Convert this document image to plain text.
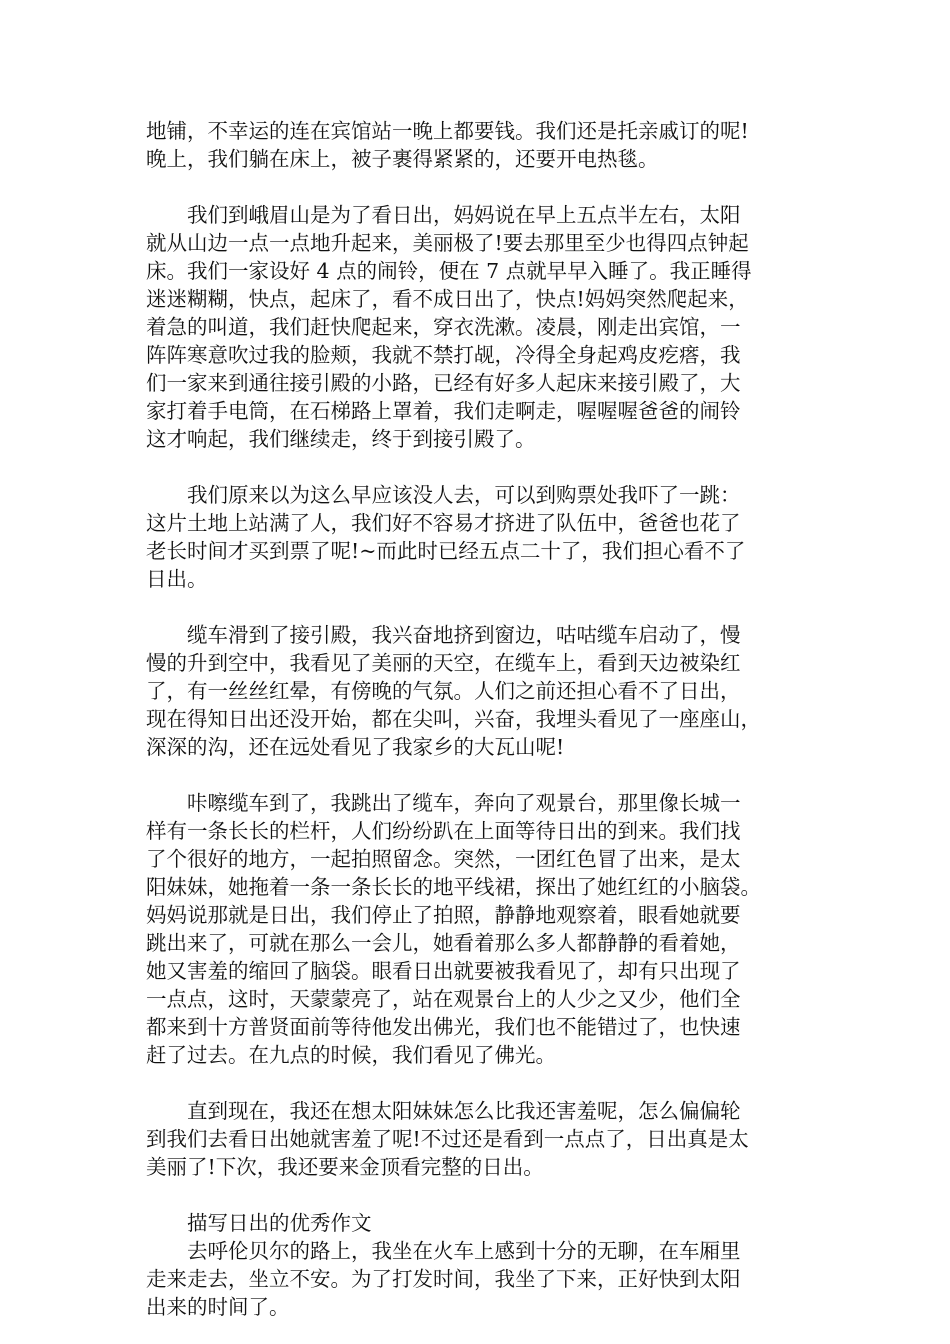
地铺，不幸运的连在宾馆站一晚上都要钱。我们还是托亲戚订的呢!
晚上，我们躺在床上，被子裹得紧紧的，还要开电热毯。

我们到峨眉山是为了看日出，妈妈说在早上五点半左右，太阳
就从山边一点一点地升起来，美丽极了!要去那里至少也得四点钟起
床。我们一家设好 4 点的闹铃，便在 7 点就早早入睡了。我正睡得
迷迷糊糊，快点，起床了，看不成日出了，快点!妈妈突然爬起来，
着急的叫道，我们赶快爬起来，穿衣洗漱。凌晨，刚走出宾馆，一
阵阵寒意吹过我的脸颊，我就不禁打觇，冷得全身起鸡皮疙瘩，我
们一家来到通往接引殿的小路，已经有好多人起床来接引殿了，大
家打着手电筒，在石梯路上罩着，我们走啊走，喔喔喔爸爸的闹铃
这才响起，我们继续走，终于到接引殿了。

我们原来以为这么早应该没人去，可以到购票处我吓了一跳：
这片土地上站满了人，我们好不容易才挤进了队伍中，爸爸也花了
老长时间才买到票了呢!~而此时已经五点二十了，我们担心看不了
日出。

缆车滑到了接引殿，我兴奋地挤到窗边，咕咕缆车启动了，慢
慢的升到空中，我看见了美丽的天空，在缆车上，看到天边被染红
了，有一丝丝红晕，有傍晚的气氛。人们之前还担心看不了日出，
现在得知日出还没开始，都在尖叫，兴奋，我埋头看见了一座座山，
深深的沟，还在远处看见了我家乡的大瓦山呢!

咔嚓缆车到了，我跳出了缆车，奔向了观景台，那里像长城一
样有一条长长的栏杆，人们纷纷趴在上面等待日出的到来。我们找
了个很好的地方，一起拍照留念。突然，一团红色冒了出来，是太
阳妹妹，她拖着一条一条长长的地平线裙，探出了她红红的小脑袋。
妈妈说那就是日出，我们停止了拍照，静静地观察着，眼看她就要
跳出来了，可就在那么一会儿，她看着那么多人都静静的看着她，
她又害羞的缩回了脑袋。眼看日出就要被我看见了，却有只出现了
一点点，这时，天蒙蒙亮了，站在观景台上的人少之又少，他们全
都来到十方普贤面前等待他发出佛光，我们也不能错过了，也快速
赶了过去。在九点的时候，我们看见了佛光。

直到现在，我还在想太阳妹妹怎么比我还害羞呢，怎么偏偏轮
到我们去看日出她就害羞了呢!不过还是看到一点点了，日出真是太
美丽了!下次，我还要来金顶看完整的日出。

描写日出的优秀作文

去呼伦贝尔的路上，我坐在火车上感到十分的无聊，在车厢里
走来走去，坐立不安。为了打发时间，我坐了下来，正好快到太阳
出来的时间了。
